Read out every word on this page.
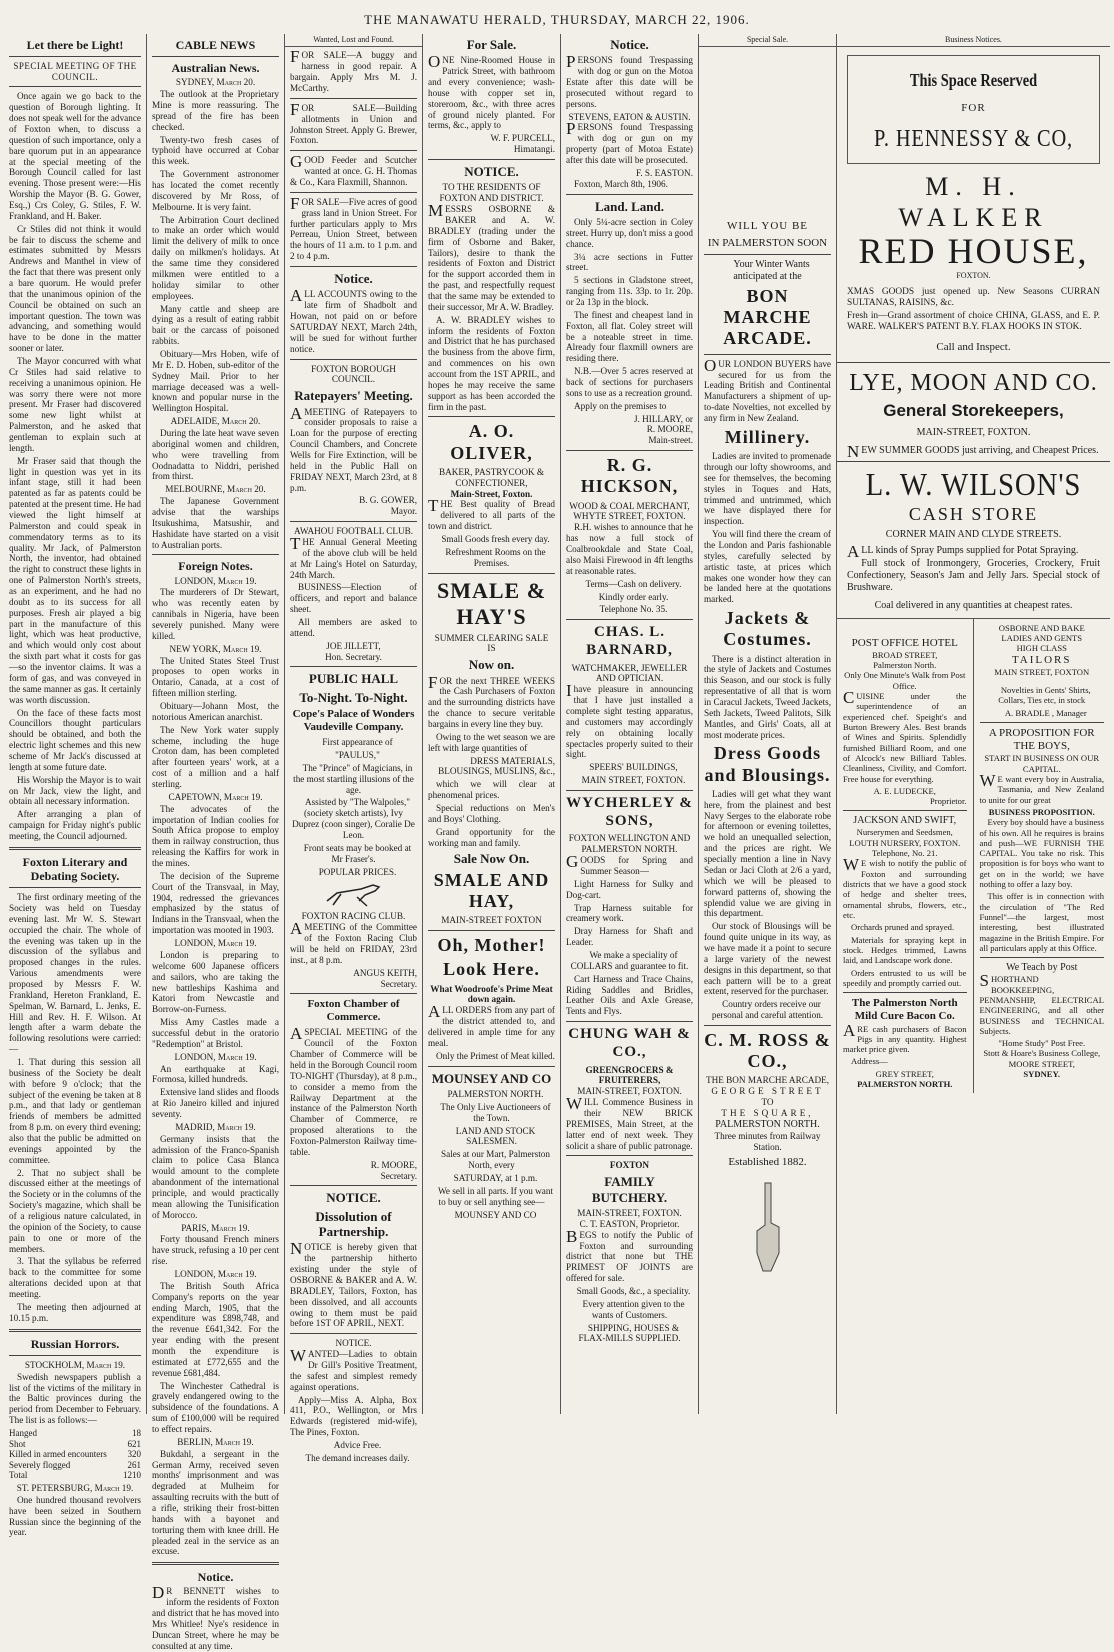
THE MANAWATU HERALD, THURSDAY, MARCH 22, 1906.
Let there be Light!
SPECIAL MEETING OF THE COUNCIL.

Once again we go back to the question of Borough lighting. It does not speak well for the advance of Foxton when, to discuss a question of such importance, only a bare quorum put in an appearance at the special meeting of the Borough Council called for last evening. Those present were:—His Worship the Mayor (B. G. Gower, Esq.,) Crs Coley, G. Stiles, F. W. Frankland, and H. Baker.

Cr Stiles did not think it would be fair to discuss the scheme and estimates submitted by Messrs Andrews and Manthel in view of the fact that there was present only a bare quorum. He would prefer that the unanimous opinion of the Council be obtained on such an important question. The town was advancing, and something would have to be done in the matter sooner or later.

The Mayor concurred with what Cr Stiles had said relative to receiving a unanimous opinion. He was sorry there were not more present. Mr Fraser had discovered some new light whilst at Palmerston, and he asked that gentleman to explain such at length.

Mr Fraser said that though the light in question was yet in its infant stage, still it had been patented as far as patents could be patented at the present time. He had viewed the light himself at Palmerston and could speak in commendatory terms as to its quality. Mr Jack, of Palmerston North, the inventor, had obtained the right to construct these lights in one of Palmerston North's streets, as an experiment, and he had no doubt as to its success for all purposes. Fresh air played a big part in the manufacture of this light, which was heat productive, and which would only cost about the sixth part what it costs for gas—so the inventor claims. It was a form of gas, and was conveyed in the same manner as gas. It certainly was worth discussion.

On the face of these facts most Councillors thought particulars should be obtained, and both the electric light schemes and this new scheme of Mr Jack's discussed at length at some future date.

His Worship the Mayor is to wait on Mr Jack, view the light, and obtain all necessary information.

After arranging a plan of campaign for Friday night's public meeting, the Council adjourned.

Foxton Literary and Debating Society.

The first ordinary meeting of the Society was held on Tuesday evening last. Mr W. S. Stewart occupied the chair. The whole of the evening was taken up in the discussion of the syllabus and proposed changes in the rules. Various amendments were proposed by Messrs F. W. Frankland, Hereton Frankland, E. Spelman, W. Barnard, L. Jenks, E. Hill and Rev. H. F. Wilson. At length after a warm debate the following resolutions were carried:—

1. That during this session all business of the Society be dealt with before 9 o'clock; that the subject of the evening be taken at 8 p.m., and that lady or gentleman friends of members be admitted from 8 p.m. on every third evening; also that the public be admitted on evenings appointed by the committee.

2. That no subject shall be discussed either at the meetings of the Society or in the columns of the Society's magazine, which shall be of a religious nature calculated, in the opinion of the Society, to cause pain to one or more of the members.

3. That the syllabus be referred back to the committee for some alterations decided upon at that meeting.

The meeting then adjourned at 10.15 p.m.

Russian Horrors.
STOCKHOLM, March 19.

Swedish newspapers publish a list of the victims of the military in the Baltic provinces during the period from December to February. The list is as follows:—

Hanged	18
Shot	621
Killed in armed encounters	320
Severely flogged	261
Total	1210
ST. PETERSBURG, March 19.

One hundred thousand revolvers have been seized in Southern Russian since the beginning of the year.

CABLE NEWS
Australian News.
SYDNEY, March 20.

The outlook at the Proprietary Mine is more reassuring. The spread of the fire has been checked.

Twenty-two fresh cases of typhoid have occurred at Cobar this week.

The Government astronomer has located the comet recently discovered by Mr Ross, of Melbourne. It is very faint.

The Arbitration Court declined to make an order which would limit the delivery of milk to once daily on milkmen's holidays. At the same time they considered milkmen were entitled to a holiday similar to other employees.

Many cattle and sheep are dying as a result of eating rabbit bait or the carcass of poisoned rabbits.

Obituary—Mrs Hoben, wife of Mr E. D. Hoben, sub-editor of the Sydney Mail. Prior to her marriage deceased was a well-known and popular nurse in the Wellington Hospital.

ADELAIDE, March 20.

During the late heat wave seven aboriginal women and children, who were travelling from Oodnadatta to Niddri, perished from thirst.

MELBOURNE, March 20.

The Japanese Government advise that the warships Itsukushima, Matsushir, and Hashidate have started on a visit to Australian ports.

Foreign Notes.
LONDON, March 19.

The murderers of Dr Stewart, who was recently eaten by cannibals in Nigeria, have been severely punished. Many were killed.

NEW YORK, March 19.

The United States Steel Trust proposes to open works in Ontario, Canada, at a cost of fifteen million sterling.

Obituary—Johann Most, the notorious American anarchist.

The New York water supply scheme, including the huge Croton dam, has been completed after fourteen years' work, at a cost of a million and a half sterling.

CAPETOWN, March 19.

The advocates of the importation of Indian coolies for South Africa propose to employ them in railway construction, thus releasing the Kaffirs for work in the mines.

The decision of the Supreme Court of the Transvaal, in May, 1904, redressed the grievances emphasized by the status of Indians in the Transvaal, when the importation was mooted in 1903.

LONDON, March 19.

London is preparing to welcome 600 Japanese officers and sailors, who are taking the new battleships Kashima and Katori from Newcastle and Borrow-on-Furness.

Miss Amy Castles made a successful debut in the oratorio "Redemption" at Bristol.

LONDON, March 19.

An earthquake at Kagi, Formosa, killed hundreds.

Extensive land slides and floods at Rio Janeiro killed and injured seventy.

MADRID, March 19.

Germany insists that the admission of the Franco-Spanish claim to police Casa Blanca would amount to the complete abandonment of the international principle, and would practically mean allowing the Tunisification of Morocco.

PARIS, March 19.

Forty thousand French miners have struck, refusing a 10 per cent rise.

LONDON, March 19.

The British South Africa Company's reports on the year ending March, 1905, that the expenditure was £898,748, and the revenue £641,342. For the year ending with the present month the expenditure is estimated at £772,655 and the revenue £681,484.

The Winchester Cathedral is gravely endangered owing to the subsidence of the foundations. A sum of £100,000 will be required to effect repairs.

BERLIN, March 19.

Bukdahl, a sergeant in the German Army, received seven months' imprisonment and was degraded at Mulheim for assaulting recruits with the butt of a rifle, striking their frost-bitten hands with a bayonet and torturing them with knee drill. He pleaded zeal in the service as an excuse.

Notice.

DR BENNETT wishes to inform the residents of Foxton and district that he has moved into Mrs Whitlee! Nye's residence in Duncan Street, where he may be consulted at any time.

Wanted, Lost and Found.

FOR SALE—A buggy and harness in good repair. A bargain. Apply Mrs M. J. McCarthy.

FOR SALE—Building allotments in Union and Johnston Street. Apply G. Brewer, Foxton.

GOOD Feeder and Scutcher wanted at once. G. H. Thomas & Co., Kara Flaxmill, Shannon.

FOR SALE—Five acres of good grass land in Union Street. For further particulars apply to Mrs Perreau, Union Street, between the hours of 11 a.m. to 1 p.m. and 2 to 4 p.m.

Notice.

ALL ACCOUNTS owing to the late firm of Shadbolt and Howan, not paid on or before SATURDAY NEXT, March 24th, will be sued for without further notice.

FOXTON BOROUGH COUNCIL.
Ratepayers' Meeting.

AMEETING of Ratepayers to consider proposals to raise a Loan for the purpose of erecting Council Chambers, and Concrete Wells for Fire Extinction, will be held in the Public Hall on FRIDAY NEXT, March 23rd, at 8 p.m.

B. G. GOWER,
Mayor.
AWAHOU FOOTBALL CLUB.

THE Annual General Meeting of the above club will be held at Mr Laing's Hotel on Saturday, 24th March.

BUSINESS—Election of officers, and report and balance sheet.

All members are asked to attend.

JOE JILLETT,
Hon. Secretary.
PUBLIC HALL
To-Night. To-Night.
Cope's Palace of Wonders Vaudeville Company.

First appearance of

"PAULUS,"

The "Prince" of Magicians, in the most startling illusions of the age.

Assisted by "The Walpoles," (society sketch artists), Ivy Duprez (coon singer), Coralie De Leon.

Front seats may be booked at Mr Fraser's.

POPULAR PRICES.

FOXTON RACING CLUB.

AMEETING of the Committee of the Foxton Racing Club will be held on FRIDAY, 23rd inst., at 8 p.m.

ANGUS KEITH,
Secretary.
Foxton Chamber of Commerce.

ASPECIAL MEETING of the Council of the Foxton Chamber of Commerce will be held in the Borough Council room TO-NIGHT (Thursday), at 8 p.m., to consider a memo from the Railway Department at the instance of the Palmerston North Chamber of Commerce, re proposed alterations to the Foxton-Palmerston Railway time-table.

R. MOORE,
Secretary.
NOTICE.
Dissolution of Partnership.

NOTICE is hereby given that the partnership hitherto existing under the style of OSBORNE & BAKER and A. W. BRADLEY, Tailors, Foxton, has been dissolved, and all accounts owing to them must be paid before 1ST OF APRIL, NEXT.

NOTICE.

WANTED—Ladies to obtain Dr Gill's Positive Treatment, the safest and simplest remedy against operations.

Apply—Miss A. Alpha, Box 411, P.O., Wellington, or Mrs Edwards (registered mid-wife), The Pines, Foxton.

Advice Free.

The demand increases daily.

For Sale.

ONE Nine-Roomed House in Patrick Street, with bathroom and every convenience; wash-house with copper set in, storeroom, &c., with three acres of ground nicely planted. For terms, &c., apply to

W. F. PURCELL,
Himatangi.
NOTICE.
TO THE RESIDENTS OF FOXTON AND DISTRICT.

MESSRS OSBORNE & BAKER and A. W. BRADLEY (trading under the firm of Osborne and Baker, Tailors), desire to thank the residents of Foxton and District for the support accorded them in the past, and respectfully request that the same may be extended to their successor, Mr A. W. Bradley.

A. W. BRADLEY wishes to inform the residents of Foxton and District that he has purchased the business from the above firm, and commences on his own account from the 1ST APRIL, and hopes he may receive the same support as has been accorded the firm in the past.

A. O. OLIVER,
BAKER, PASTRYCOOK & CONFECTIONER,
Main-Street, Foxton.

THE Best quality of Bread delivered to all parts of the town and district.

Small Goods fresh every day.

Refreshment Rooms on the Premises.

SMALE & HAY'S
SUMMER CLEARING SALE
IS
Now on.

FOR the next THREE WEEKS the Cash Purchasers of Foxton and the surrounding districts have the chance to secure veritable bargains in every line they buy.

Owing to the wet season we are left with large quantities of

DRESS MATERIALS, BLOUSINGS, MUSLINS, &c.,

which we will clear at phenomenal prices.

Special reductions on Men's and Boys' Clothing.

Grand opportunity for the working man and family.

Sale Now On.
SMALE AND HAY,
MAIN-STREET FOXTON
Oh, Mother!
Look Here.
What Woodroofe's Prime Meat down again.

ALL ORDERS from any part of the district attended to, and delivered in ample time for any meal.

Only the Primest of Meat killed.

MOUNSEY AND CO

PALMERSTON NORTH.

The Only Live Auctioneers of the Town.

LAND AND STOCK SALESMEN.

Sales at our Mart, Palmerston North, every

SATURDAY, at 1 p.m.

We sell in all parts. If you want to buy or sell anything see—

MOUNSEY AND CO

Notice.

PERSONS found Trespassing with dog or gun on the Motoa Estate after this date will be prosecuted without regard to persons.

STEVENS, EATON & AUSTIN.

PERSONS found Trespassing with dog or gun on my property (part of Motoa Estate) after this date will be prosecuted.

F. S. EASTON.

Foxton, March 8th, 1906.

Land. Land.

Only 5¼-acre section in Coley street. Hurry up, don't miss a good chance.

3¼ acre sections in Futter street.

5 sections in Gladstone street, ranging from 11s. 33p. to 1r. 20p. or 2a 13p in the block.

The finest and cheapest land in Foxton, all flat. Coley street will be a noteable street in time. Already four flaxmill owners are residing there.

N.B.—Over 5 acres reserved at back of sections for purchasers sons to use as a recreation ground.

Apply on the premises to

J. HILLARY, or
R. MOORE,
Main-street.
R. G. HICKSON,
WOOD & COAL MERCHANT,
WHYTE STREET, FOXTON.

R.H. wishes to announce that he has now a full stock of Coalbrookdale and State Coal, also Maisi Firewood in 4ft lengths at reasonable rates.

Terms—Cash on delivery.

Kindly order early.

Telephone No. 35.

CHAS. L. BARNARD,
WATCHMAKER, JEWELLER AND OPTICIAN.

Ihave pleasure in announcing that I have just installed a complete sight testing apparatus, and customers may accordingly rely on obtaining locally spectacles properly suited to their sight.

SPEERS' BUILDINGS,

MAIN STREET, FOXTON.

WYCHERLEY & SONS,
FOXTON WELLINGTON AND PALMERSTON NORTH.

GOODS for Spring and Summer Season—

Light Harness for Sulky and Dog-cart.

Trap Harness suitable for creamery work.

Dray Harness for Shaft and Leader.

We make a speciality of COLLARS and guarantee to fit.

Cart Harness and Trace Chains, Riding Saddles and Bridles, Leather Oils and Axle Grease, Tents and Flys.

CHUNG WAH & CO.,
GREENGROCERS & FRUITERERS,
MAIN-STREET, FOXTON.

WILL Commence Business in their NEW BRICK PREMISES, Main Street, at the latter end of next week. They solicit a share of public patronage.

FOXTON
FAMILY BUTCHERY.
MAIN-STREET, FOXTON.
C. T. EASTON, Proprietor.

BEGS to notify the Public of Foxton and surrounding district that none but THE PRIMEST OF JOINTS are offered for sale.

Small Goods, &c., a speciality.

Every attention given to the wants of Customers.

SHIPPING, HOUSES & FLAX-MILLS SUPPLIED.

Special Sale.
WILL YOU BE
IN PALMERSTON SOON

Your Winter Wants anticipated at the

BON MARCHE ARCADE.

OUR LONDON BUYERS have secured for us from the Leading British and Continental Manufacturers a shipment of up-to-date Novelties, not excelled by any firm in New Zealand.

Millinery.

Ladies are invited to promenade through our lofty showrooms, and see for themselves, the becoming styles in Toques and Hats, trimmed and untrimmed, which we have displayed there for inspection.

You will find there the cream of the London and Paris fashionable styles, carefully selected by artistic taste, at prices which makes one wonder how they can be landed here at the quotations marked.

Jackets & Costumes.

There is a distinct alteration in the style of Jackets and Costumes this Season, and our stock is fully representative of all that is worn in Caracul Jackets, Tweed Jackets, Seth Jackets, Tweed Palitots, Silk Mantles, and Girls' Coats, all at most moderate prices.

Dress Goods and Blousings.

Ladies will get what they want here, from the plainest and best Navy Serges to the elaborate robe for afternoon or evening toilettes, we hold an unequalled selection, and the prices are right. We specially mention a line in Navy Sedan or Jaci Cloth at 2/6 a yard, which we will be pleased to forward patterns of, showing the splendid value we are giving in this department.

Our stock of Blousings will be found quite unique in its way, as we have made it a point to secure a large variety of the newest designs in this department, so that each pattern will be to a great extent, reserved for the purchaser.

Country orders receive our personal and careful attention.

C. M. ROSS & CO.,
THE BON MARCHE ARCADE,
GEORGE STREET
TO
THE SQUARE,
PALMERSTON NORTH.
Three minutes from Railway Station.
Established 1882.
Business Notices.
This Space Reserved
FOR
P. HENNESSY & CO,
M. H. WALKER
RED HOUSE,
FOXTON.

XMAS GOODS just opened up. New Seasons CURRAN SULTANAS, RAISINS, &c.

Fresh in—Grand assortment of choice CHINA, GLASS, and E. P. WARE. WALKER'S PATENT B.Y. FLAX HOOKS IN STOK.

Call and Inspect.

LYE, MOON AND CO.
General Storekeepers,
MAIN-STREET, FOXTON.

NEW SUMMER GOODS just arriving, and Cheapest Prices.

L. W. WILSON'S
CASH STORE
CORNER MAIN AND CLYDE STREETS.

ALL kinds of Spray Pumps supplied for Potat Spraying.

Full stock of Ironmongery, Groceries, Crockery, Fruit Confectionery, Season's Jam and Jelly Jars. Special stock of Brushware.

Coal delivered in any quantities at cheapest rates.

POST OFFICE HOTEL
BROAD STREET,
Palmerston North.
Only One Minute's Walk from Post Office.

CUISINE under the superintendence of an experienced chef. Speight's and Burton Brewery Ales. Best brands of Wines and Spirits. Splendidly furnished Billiard Room, and one of Alcock's new Billiard Tables. Cleanliness, Civility, and Comfort. Free house for everything.

A. E. LUDECKE,
Proprietor.
JACKSON AND SWIFT,
Nurserymen and Seedsmen,
LOUTH NURSERY, FOXTON.
Telephone, No. 21.

WE wish to notify the public of Foxton and surrounding districts that we have a good stock of hedge and shelter trees, ornamental shrubs, flowers, etc., etc.

Orchards pruned and sprayed.

Materials for spraying kept in stock. Hedges trimmed, Lawns laid, and Landscape work done.

Orders entrusted to us will be speedily and promptly carried out.

The Palmerston North Mild Cure Bacon Co.

ARE cash purchasers of Bacon Pigs in any quantity. Highest market price given.

Address—

GREY STREET,
PALMERSTON NORTH.
OSBORNE AND BAKE
LADIES AND GENTS
HIGH CLASS
TAILORS
MAIN STREET, FOXTON

Novelties in Gents' Shirts, Collars, Ties etc, in stock

A. BRADLE , Manager

A PROPOSITION FOR THE BOYS,
START IN BUSINESS ON OUR CAPITAL.

WE want every boy in Australia, Tasmania, and New Zealand to unite for our great

BUSINESS PROPOSITION.

Every boy should have a business of his own. All he requires is brains and push—WE FURNISH THE CAPITAL. You take no risk. This proposition is for boys who want to get on in the world; we have nothing to offer a lazy boy.

This offer is in connection with the circulation of "The Red Funnel"—the largest, most interesting, best illustrated magazine in the British Empire. For all particulars apply at this Office.

We Teach by Post

SHORTHAND BOOKKEEPING, PENMANSHIP, ELECTRICAL ENGINEERING, and all other BUSINESS and TECHNICAL Subjects.

"Home Study" Post Free.
Stott & Hoare's Business College, MOORE STREET,
SYDNEY.
